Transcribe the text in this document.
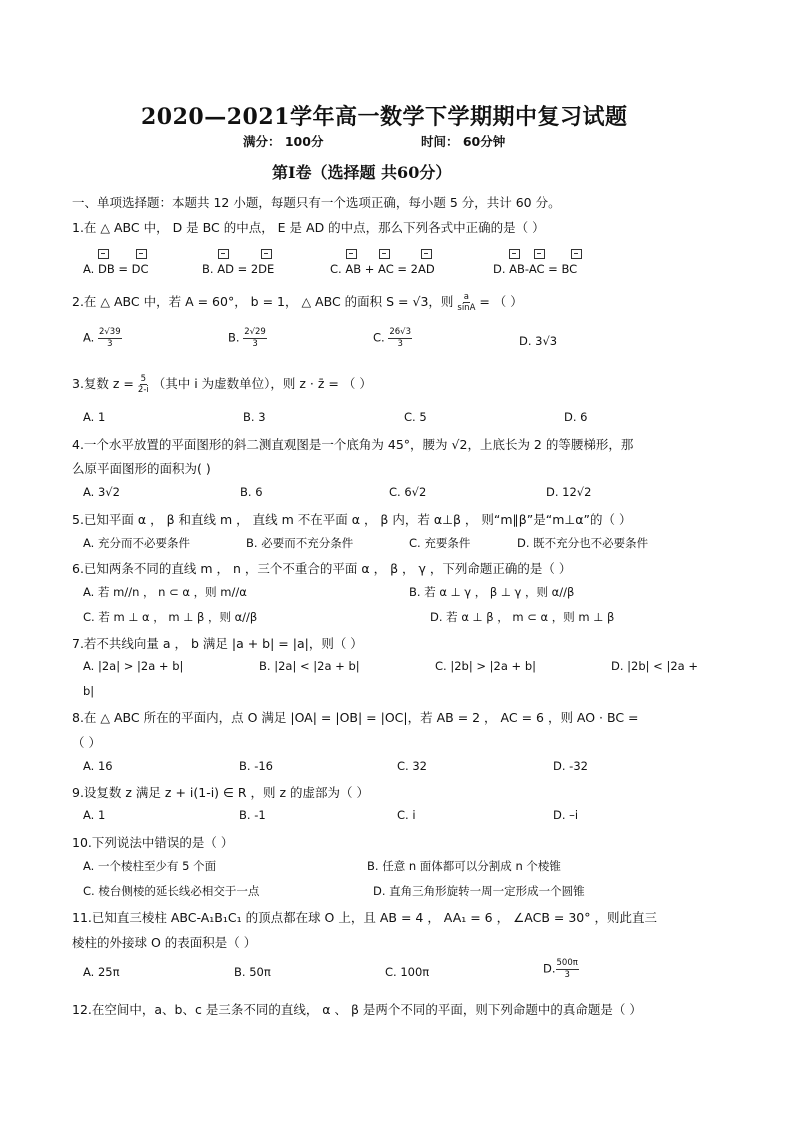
2020—2021学年高一数学下学期期中复习试题
满分： 100分	时间： 60分钟
第Ⅰ卷（选择题 共60分）
一、单项选择题：本题共 12 小题，每题只有一个选项正确，每小题 5 分，共计 60 分。
1.在 △ ABC 中， D 是 BC 的中点， E 是 AD 的中点，那么下列各式中正确的是（ ）

A. DB = DC	B. AD = 2DE	C. AB + AC = 2AD	D. AB-AC = BC
2.在 △ ABC 中，若 A = 60°， b = 1， △ ABC 的面积 S = √3，则 $\frac{a}{\sin A}$ = （ ）
A. $\frac{2√39}{3}$	B. $\frac{2√29}{3}$	C. $\frac{26√3}{3}$	D. 3√3
3.复数 $z = \frac{5}{2-i}$ （其中 i 为虚数单位），则 z · z̄ = （ ）
A. 1	B. 3	C. 5	D. 6
4.一个水平放置的平面图形的斜二测直观图是一个底角为 45°，腰为 √2，上底长为 2 的等腰梯形，那
么原平面图形的面积为( )
A. 3√2	B. 6	C. 6√2	D. 12√2
5.已知平面 α ， β 和直线 m ， 直线 m 不在平面 α ， β 内，若 α⊥β ， 则“m∥β”是“m⊥α”的（ ）
A. 充分而不必要条件	B. 必要而不充分条件	C. 充要条件	D. 既不充分也不必要条件
6.已知两条不同的直线 m ， n ，三个不重合的平面 α ， β ， γ ，下列命题正确的是（ ）
A. 若 m//n ， n ⊂ α ，则 m//α	B. 若 α ⊥ γ ， β ⊥ γ ，则 α//β
C. 若 m ⊥ α ， m ⊥ β ，则 α//β	D. 若 α ⊥ β ， m ⊂ α ，则 m ⊥ β
7.若不共线向量 a ， b 满足 |a + b| = |a|，则（ ）
A. |2a| > |2a + b|	B. |2a| < |2a + b|	C. |2b| > |2a + b|	D. |2b| < |2a +
b|
8.在 △ ABC 所在的平面内，点 O 满足 |OA| = |OB| = |OC|，若 AB = 2 ， AC = 6 ，则 AO · BC =
（ ）
A. 16	B. -16	C. 32	D. -32
9.设复数 z 满足 z + i(1-i) ∈ R ，则 z 的虚部为（ ）
A. 1	B. -1	C. i	D. –i
10.下列说法中错误的是（ ）
A. 一个棱柱至少有 5 个面	B. 任意 n 面体都可以分割成 n 个棱锥
C. 棱台侧棱的延长线必相交于一点	D. 直角三角形旋转一周一定形成一个圆锥
11.已知直三棱柱 ABC-A₁B₁C₁ 的顶点都在球 O 上，且 AB = 4 ， AA₁ = 6 ， ∠ACB = 30° ，则此直三
棱柱的外接球 O 的表面积是（ ）
A. 25π	B. 50π	C. 100π	D. $\frac{500\pi}{3}$
12.在空间中，a、b、c 是三条不同的直线， α 、 β 是两个不同的平面，则下列命题中的真命题是（ ）
